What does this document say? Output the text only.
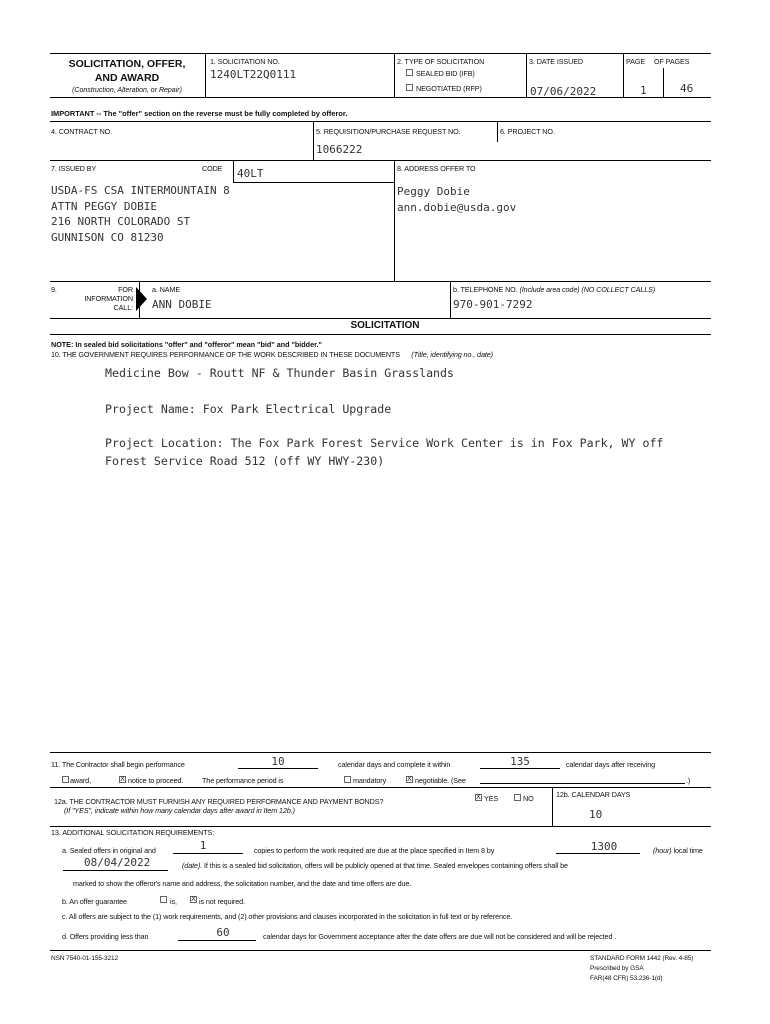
SOLICITATION, OFFER,
AND AWARD
(Construction, Alteration, or Repair)
1. SOLICITATION NO.
1240LT22Q0111
2. TYPE OF SOLICITATION
SEALED BID (IFB)
NEGOTIATED (RFP)
3. DATE ISSUED
07/06/2022
PAGE OF PAGES
1	46
IMPORTANT -- The "offer" section on the reverse must be fully completed by offeror.
4. CONTRACT NO.	5. REQUISITION/PURCHASE REQUEST NO.
1066222
6. PROJECT NO.
7. ISSUED BY	CODE 40LT
USDA-FS CSA INTERMOUNTAIN 8
ATTN PEGGY DOBIE
216 NORTH COLORADO ST
GUNNISON CO 81230
8. ADDRESS OFFER TO
Peggy Dobie
ann.dobie@usda.gov
9.	FOR
INFORMATION
CALL:
a. NAME
ANN DOBIE
b. TELEPHONE NO. (Include area code) (NO COLLECT CALLS)
970-901-7292
SOLICITATION
NOTE: In sealed bid solicitations "offer" and "offeror" mean "bid" and "bidder."
10. THE GOVERNMENT REQUIRES PERFORMANCE OF THE WORK DESCRIBED IN THESE DOCUMENTS (Title, identifying no., date)
Medicine Bow - Routt NF & Thunder Basin Grasslands
Project Name: Fox Park Electrical Upgrade
Project Location: The Fox Park Forest Service Work Center is in Fox Park, WY off
Forest Service Road 512 (off WY HWY-230)
11. The Contractor shall begin performance	10	calendar days and complete it within	135	calendar days after receiving
award,	X notice to proceed.	The performance period is	mandatory	X negotiable. (See	.)
12a. THE CONTRACTOR MUST FURNISH ANY REQUIRED PERFORMANCE AND PAYMENT BONDS?
(If "YES", indicate within how many calendar days after award in Item 12b.)
X YES	NO	12b. CALENDAR DAYS
10
13. ADDITIONAL SOLICITATION REQUIREMENTS:
a. Sealed offers in original and	1	copies to perform the work required are due at the place specified in Item 8 by	1300	(hour) local time
08/04/2022	(date). If this is a sealed bid solicitation, offers will be publicly opened at that time. Sealed envelopes containing offers shall be
marked to show the offeror's name and address, the solicitation number, and the date and time offers are due.
b. An offer guarantee	is, X is not required.
c. All offers are subject to the (1) work requirements, and (2) other provisions and clauses incorporated in the solicitation in full text or by reference.
d. Offers providing less than	60	calendar days for Government acceptance after the date offers are due will not be considered and will be rejected .
NSN 7540-01-155-3212	STANDARD FORM 1442 (Rev. 4-85)
Prescribed by GSA
FAR(48 CFR) 53.236-1(d)
